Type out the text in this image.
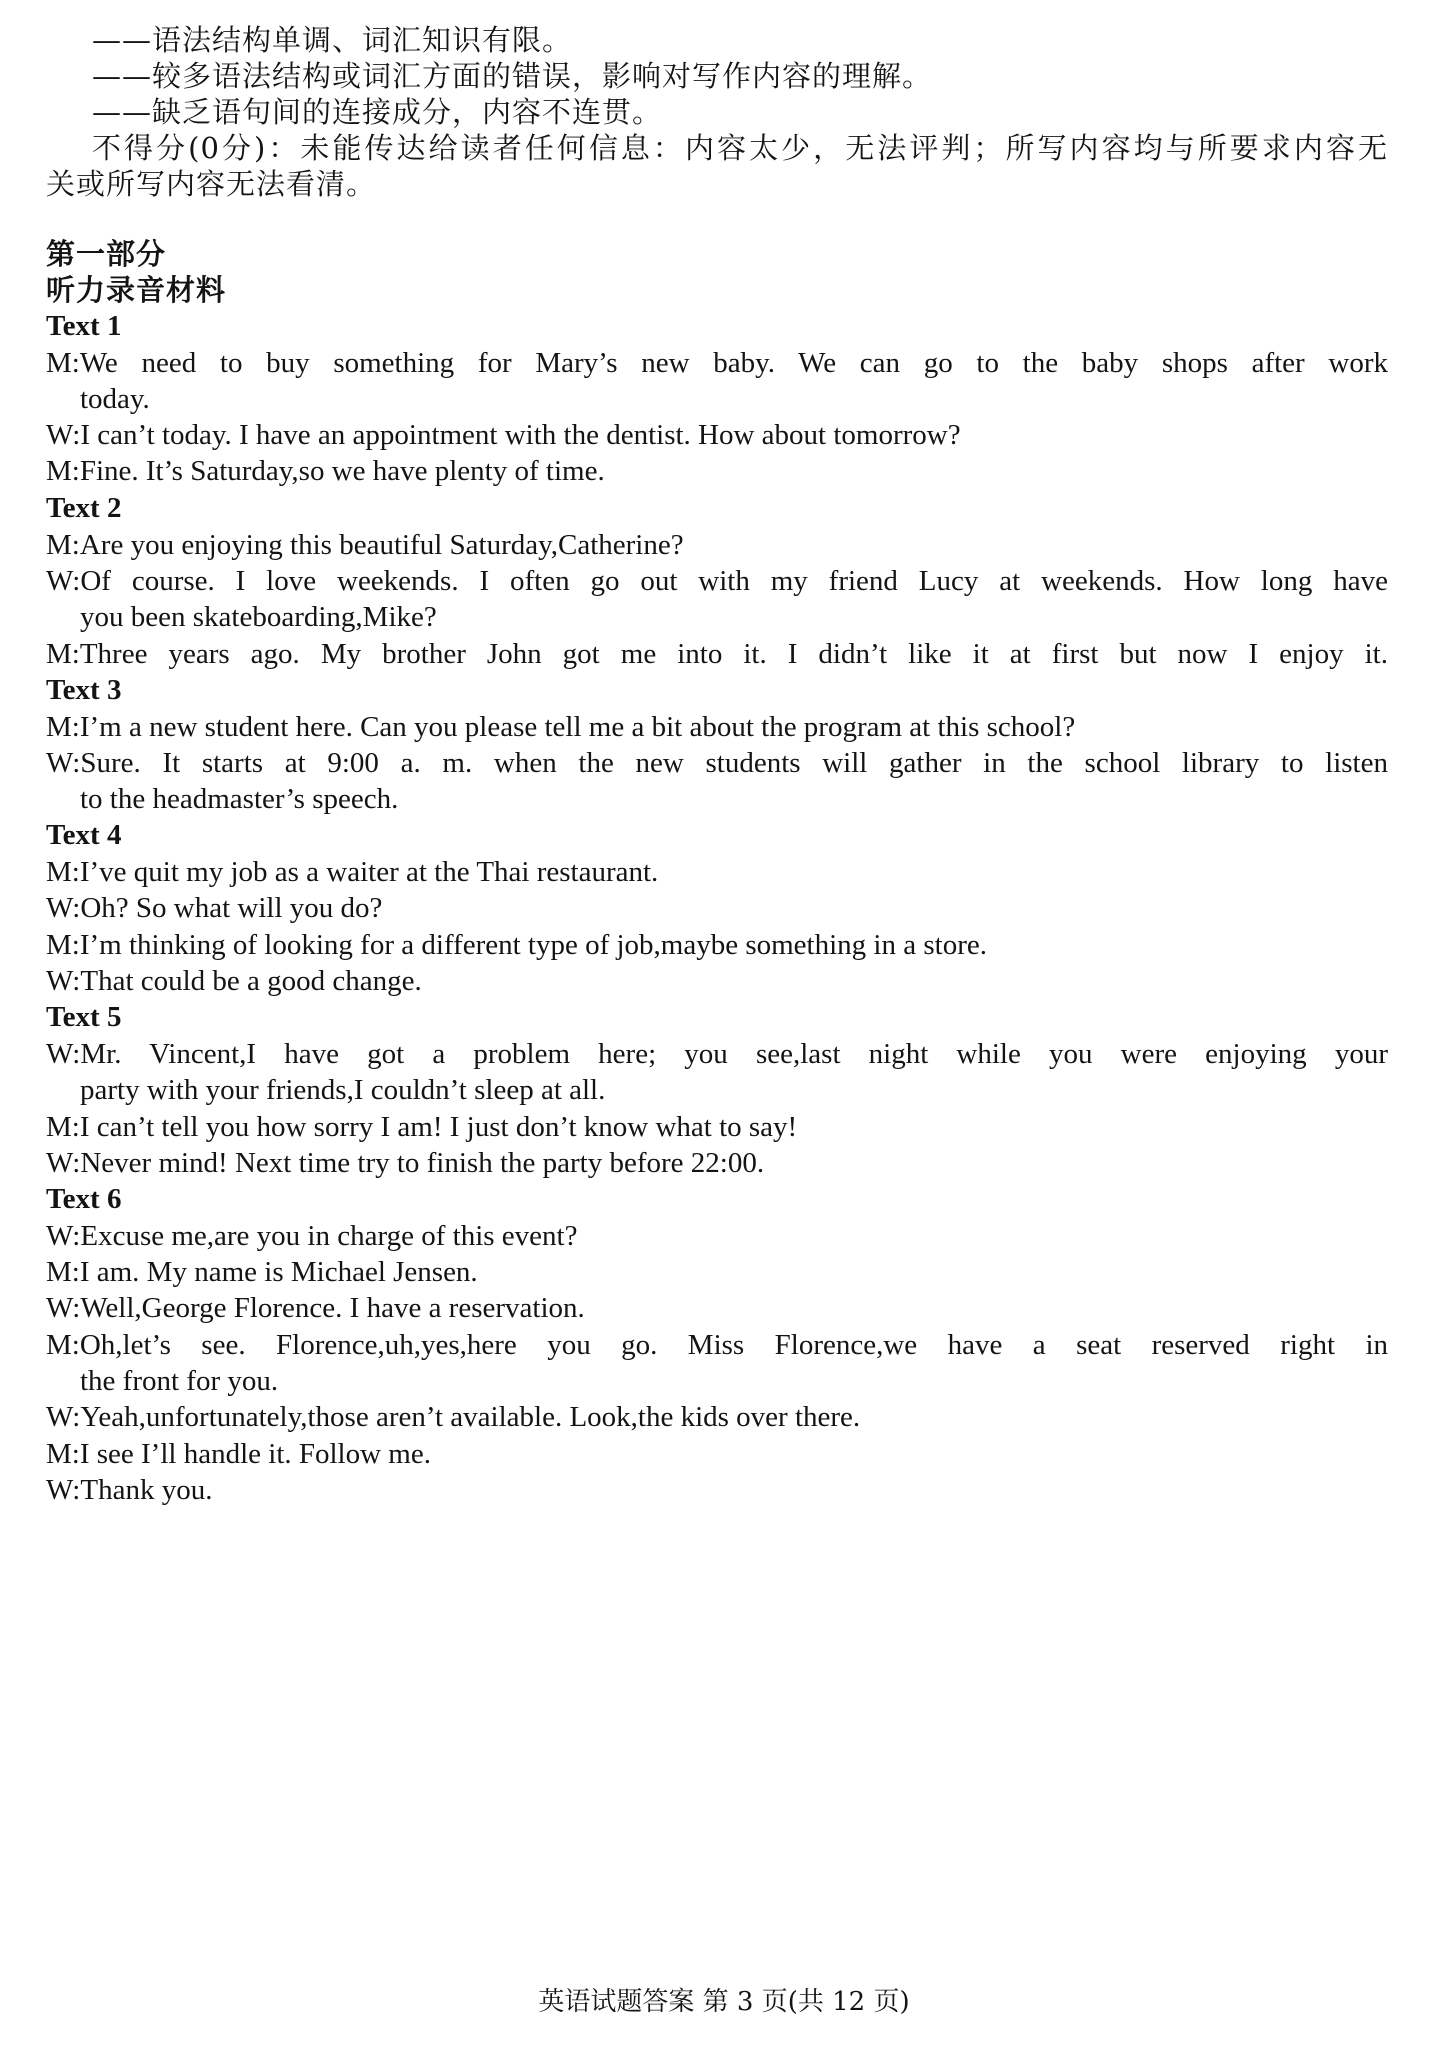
——语法结构单调、词汇知识有限。
——较多语法结构或词汇方面的错误，影响对写作内容的理解。
——缺乏语句间的连接成分，内容不连贯。
不得分(0分)：未能传达给读者任何信息：内容太少，无法评判；所写内容均与所要求内容无
关或所写内容无法看清。
第一部分
听力录音材料
Text 1
M:We need to buy something for Mary’s new baby. We can go to the baby shops after work
today.
W:I can’t today. I have an appointment with the dentist. How about tomorrow?
M:Fine. It’s Saturday,so we have plenty of time.
Text 2
M:Are you enjoying this beautiful Saturday,Catherine?
W:Of course. I love weekends. I often go out with my friend Lucy at weekends. How long have
you been skateboarding,Mike?
M:Three years ago. My brother John got me into it. I didn’t like it at first but now I enjoy it.
Text 3
M:I’m a new student here. Can you please tell me a bit about the program at this school?
W:Sure. It starts at 9:00 a. m. when the new students will gather in the school library to listen
to the headmaster’s speech.
Text 4
M:I’ve quit my job as a waiter at the Thai restaurant.
W:Oh? So what will you do?
M:I’m thinking of looking for a different type of job,maybe something in a store.
W:That could be a good change.
Text 5
W:Mr. Vincent,I have got a problem here; you see,last night while you were enjoying your
party with your friends,I couldn’t sleep at all.
M:I can’t tell you how sorry I am! I just don’t know what to say!
W:Never mind! Next time try to finish the party before 22:00.
Text 6
W:Excuse me,are you in charge of this event?
M:I am. My name is Michael Jensen.
W:Well,George Florence. I have a reservation.
M:Oh,let’s see. Florence,uh,yes,here you go. Miss Florence,we have a seat reserved right in
the front for you.
W:Yeah,unfortunately,those aren’t available. Look,the kids over there.
M:I see I’ll handle it. Follow me.
W:Thank you.
英语试题答案 第 3 页(共 12 页)
